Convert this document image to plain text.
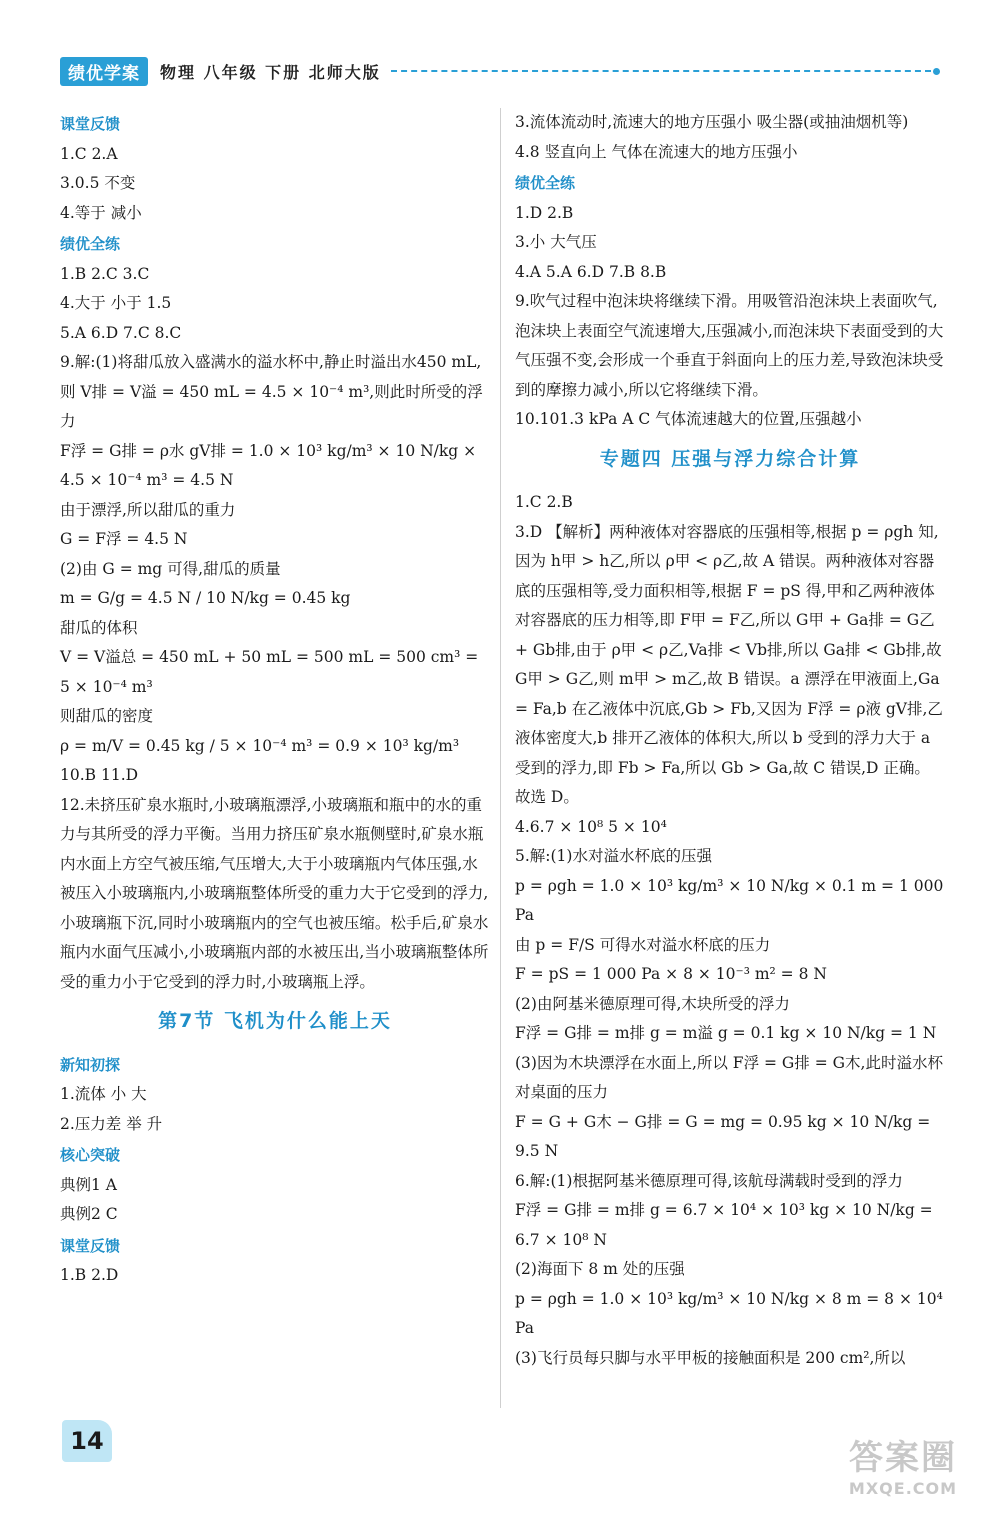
绩优学案	物理 八年级 下册 北师大版
课堂反馈
1.C 2.A
3.0.5 不变
4.等于 减小
绩优全练
1.B 2.C 3.C
4.大于 小于 1.5
5.A 6.D 7.C 8.C
9.解:(1)将甜瓜放入盛满水的溢水杯中,静止时溢出水450 mL,则 V排 = V溢 = 450 mL = 4.5 × 10⁻⁴ m³,则此时所受的浮力
F浮 = G排 = ρ水 gV排 = 1.0 × 10³ kg/m³ × 10 N/kg × 4.5 × 10⁻⁴ m³ = 4.5 N
由于漂浮,所以甜瓜的重力
G = F浮 = 4.5 N
(2)由 G = mg 可得,甜瓜的质量
m = G/g = 4.5 N / 10 N/kg = 0.45 kg
甜瓜的体积
V = V溢总 = 450 mL + 50 mL = 500 mL = 500 cm³ = 5 × 10⁻⁴ m³
则甜瓜的密度
ρ = m/V = 0.45 kg / 5 × 10⁻⁴ m³ = 0.9 × 10³ kg/m³
10.B 11.D
12.未挤压矿泉水瓶时,小玻璃瓶漂浮,小玻璃瓶和瓶中的水的重力与其所受的浮力平衡。当用力挤压矿泉水瓶侧壁时,矿泉水瓶内水面上方空气被压缩,气压增大,大于小玻璃瓶内气体压强,水被压入小玻璃瓶内,小玻璃瓶整体所受的重力大于它受到的浮力,小玻璃瓶下沉,同时小玻璃瓶内的空气也被压缩。松手后,矿泉水瓶内水面气压减小,小玻璃瓶内部的水被压出,当小玻璃瓶整体所受的重力小于它受到的浮力时,小玻璃瓶上浮。
第7节 飞机为什么能上天
新知初探
1.流体 小 大
2.压力差 举 升
核心突破
典例1 A
典例2 C
课堂反馈
1.B 2.D
3.流体流动时,流速大的地方压强小 吸尘器(或抽油烟机等)
4.8 竖直向上 气体在流速大的地方压强小
绩优全练
1.D 2.B
3.小 大气压
4.A 5.A 6.D 7.B 8.B
9.吹气过程中泡沫块将继续下滑。用吸管沿泡沫块上表面吹气,泡沫块上表面空气流速增大,压强减小,而泡沫块下表面受到的大气压强不变,会形成一个垂直于斜面向上的压力差,导致泡沫块受到的摩擦力减小,所以它将继续下滑。
10.101.3 kPa A C 气体流速越大的位置,压强越小
专题四 压强与浮力综合计算
1.C 2.B
3.D 【解析】两种液体对容器底的压强相等,根据 p = ρgh 知,因为 h甲 > h乙,所以 ρ甲 < ρ乙,故 A 错误。两种液体对容器底的压强相等,受力面积相等,根据 F = pS 得,甲和乙两种液体对容器底的压力相等,即 F甲 = F乙,所以 G甲 + Ga排 = G乙 + Gb排,由于 ρ甲 < ρ乙,Va排 < Vb排,所以 Ga排 < Gb排,故 G甲 > G乙,则 m甲 > m乙,故 B 错误。a 漂浮在甲液面上,Ga = Fa,b 在乙液体中沉底,Gb > Fb,又因为 F浮 = ρ液 gV排,乙液体密度大,b 排开乙液体的体积大,所以 b 受到的浮力大于 a 受到的浮力,即 Fb > Fa,所以 Gb > Ga,故 C 错误,D 正确。故选 D。
4.6.7 × 10⁸ 5 × 10⁴
5.解:(1)水对溢水杯底的压强
p = ρgh = 1.0 × 10³ kg/m³ × 10 N/kg × 0.1 m = 1 000 Pa
由 p = F/S 可得水对溢水杯底的压力
F = pS = 1 000 Pa × 8 × 10⁻³ m² = 8 N
(2)由阿基米德原理可得,木块所受的浮力
F浮 = G排 = m排 g = m溢 g = 0.1 kg × 10 N/kg = 1 N
(3)因为木块漂浮在水面上,所以 F浮 = G排 = G木,此时溢水杯对桌面的压力
F = G + G木 − G排 = G = mg = 0.95 kg × 10 N/kg = 9.5 N
6.解:(1)根据阿基米德原理可得,该航母满载时受到的浮力
F浮 = G排 = m排 g = 6.7 × 10⁴ × 10³ kg × 10 N/kg = 6.7 × 10⁸ N
(2)海面下 8 m 处的压强
p = ρgh = 1.0 × 10³ kg/m³ × 10 N/kg × 8 m = 8 × 10⁴ Pa
(3)飞行员每只脚与水平甲板的接触面积是 200 cm²,所以
14	答案圈
MXQE.COM
